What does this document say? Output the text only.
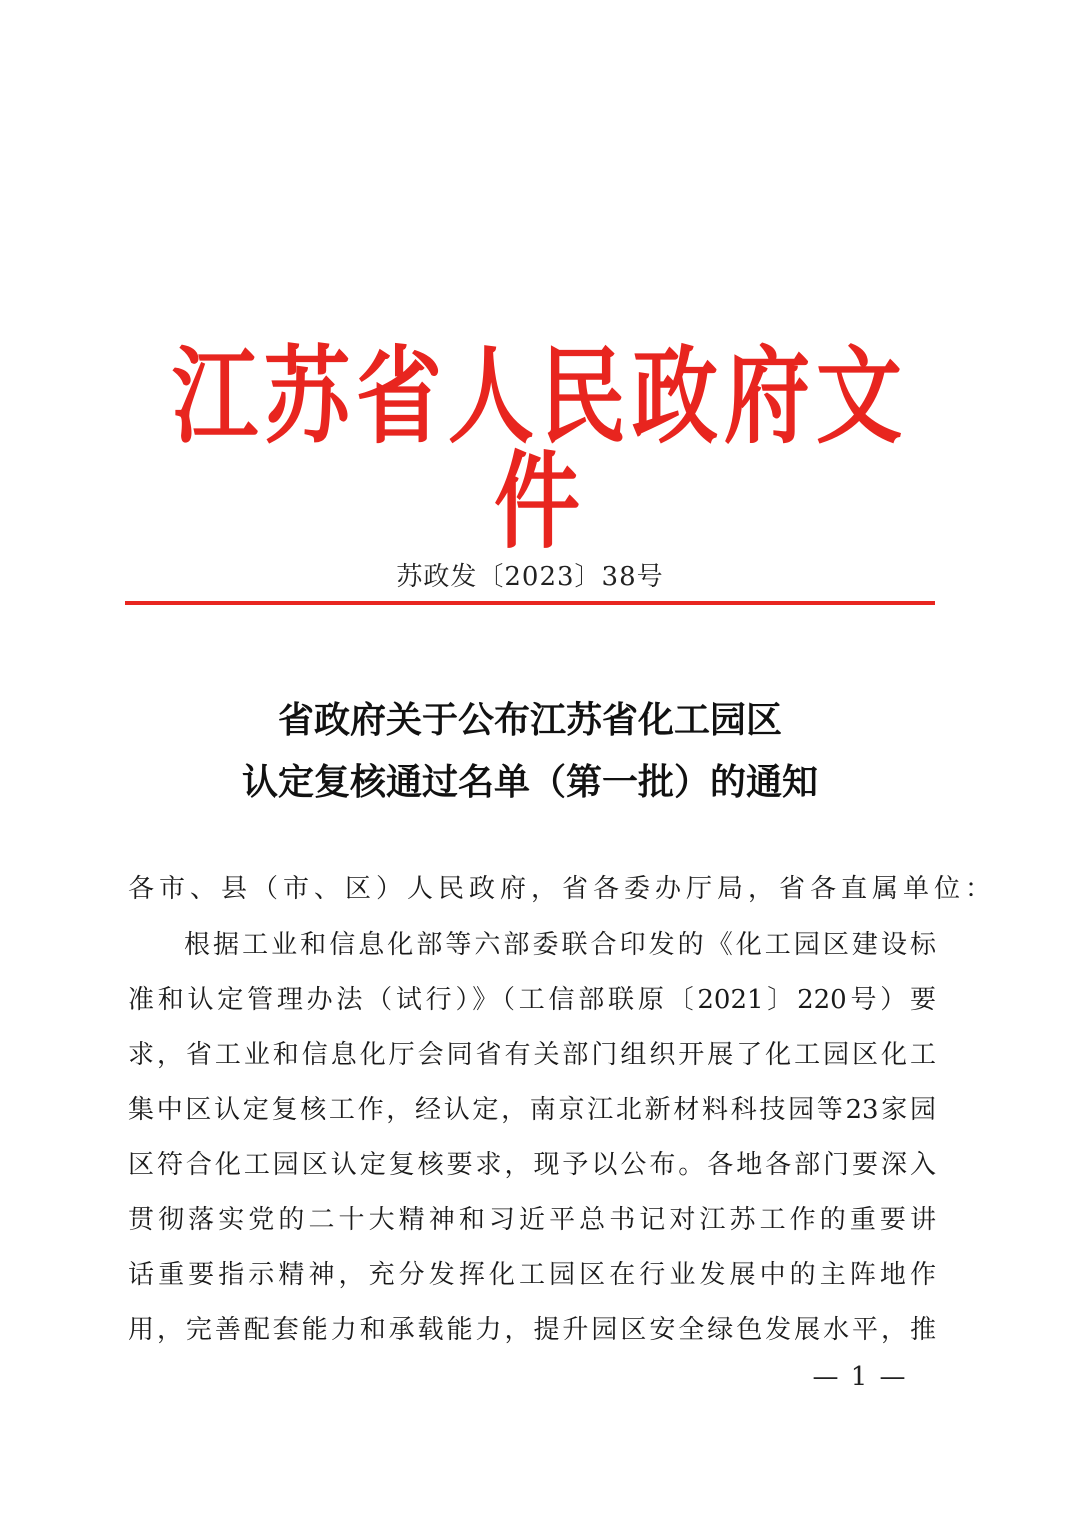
江苏省人民政府文件
苏政发〔2023〕38号
省政府关于公布江苏省化工园区
认定复核通过名单（第一批）的通知
各市、县（市、区）人民政府，省各委办厅局，省各直属单位：
根据工业和信息化部等六部委联合印发的《化工园区建设标
准和认定管理办法（试行）》（工信部联原〔2021〕220号）要
求，省工业和信息化厅会同省有关部门组织开展了化工园区化工
集中区认定复核工作，经认定，南京江北新材料科技园等23家园
区符合化工园区认定复核要求，现予以公布。各地各部门要深入
贯彻落实党的二十大精神和习近平总书记对江苏工作的重要讲
话重要指示精神，充分发挥化工园区在行业发展中的主阵地作
用，完善配套能力和承载能力，提升园区安全绿色发展水平，推
— 1 —
